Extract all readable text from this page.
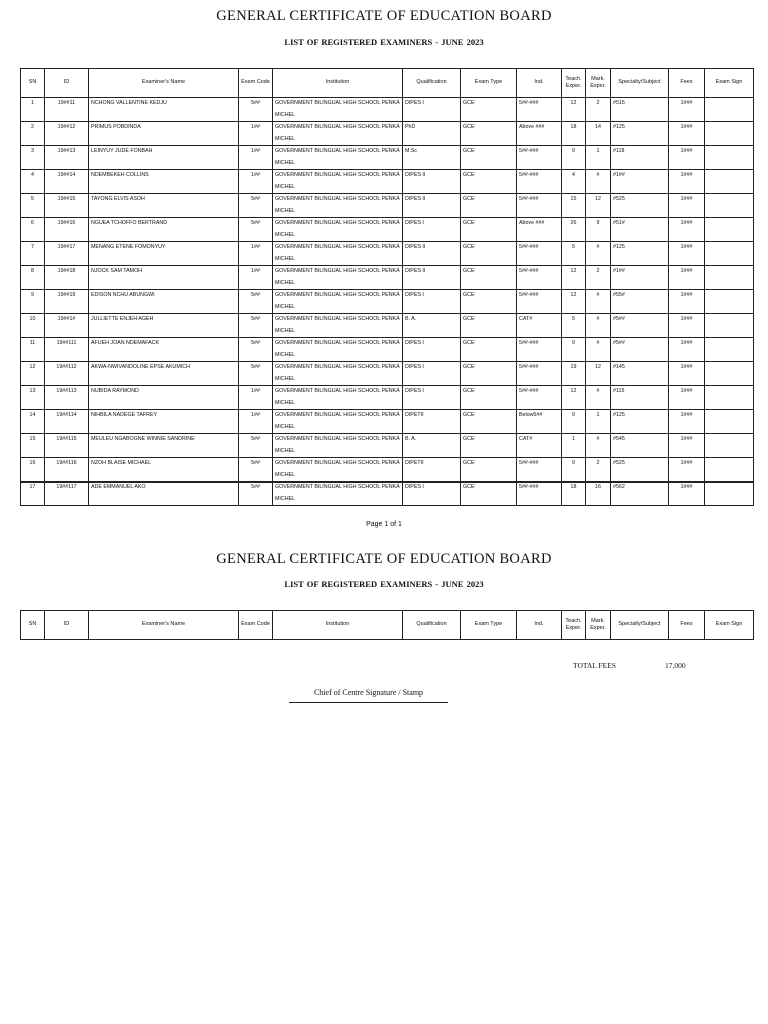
GENERAL CERTIFICATE OF EDUCATION BOARD
LIST OF REGISTERED EXAMINERS - JUNE 2023
SN	ID	Examiner's Name	Exam Code	Institution	Qualification	Exam Type	Ind.	Teach. Exper.	Mark. Exper.	Specialty/Subject	Fees	Exam Sign
1	19##11	NCHONG VALLENTINE KEDJU	5##	GOVERNMENT BILINGUAL HIGH SCHOOL PENKA MICHEL	DIPES I	GCE	5##-###	12	2	#515	1###	
2	19##12	PRIMUS POBDINDA	1##	GOVERNMENT BILINGUAL HIGH SCHOOL PENKA MICHEL	PhD	GCE	Above ###	18	14	#125	1###	
3	19##13	LEINYUY JUDE FONBAH	1##	GOVERNMENT BILINGUAL HIGH SCHOOL PENKA MICHEL	M.Sc	GCE	5##-###	9	1	#118	1###	
4	19##14	NDEMBEKEH COLLINS	1##	GOVERNMENT BILINGUAL HIGH SCHOOL PENKA MICHEL	DIPES II	GCE	5##-###	4	#	#1##	1###	
5	19##15	TAYONG ELVIS ASOH	5##	GOVERNMENT BILINGUAL HIGH SCHOOL PENKA MICHEL	DIPES II	GCE	5##-###	15	12	#525	1###	
6	19##16	NGUEA TCHOFFO BERTRAND	5##	GOVERNMENT BILINGUAL HIGH SCHOOL PENKA MICHEL	DIPES I	GCE	Above ###	26	9	#51#	1###	
7	19##17	MENANG ETENE FOMONYUY	1##	GOVERNMENT BILINGUAL HIGH SCHOOL PENKA MICHEL	DIPES II	GCE	5##-###	5	#	#125	1###	
8	19##18	NJOCK SAM TAMOH	1##	GOVERNMENT BILINGUAL HIGH SCHOOL PENKA MICHEL	DIPES II	GCE	5##-###	12	2	#1##	1###	
9	19##19	EDISON NCHU ABUNGWI	5##	GOVERNMENT BILINGUAL HIGH SCHOOL PENKA MICHEL	DIPES I	GCE	5##-###	12	#	#55#	1###	
10	19##1#	JULLIETTE ENJEH AGEH	5##	GOVERNMENT BILINGUAL HIGH SCHOOL PENKA MICHEL	B. A.	GCE	CAT#	5	#	#5##	1###	
11	19##111	AFUEH JOAN NDEMAFACK	5##	GOVERNMENT BILINGUAL HIGH SCHOOL PENKA MICHEL	DIPES I	GCE	5##-###	9	#	#5##	1###	
12	19##112	AKWA-NWIVANDOLINE EPSE AKUMICH	5##	GOVERNMENT BILINGUAL HIGH SCHOOL PENKA MICHEL	DIPES I	GCE	5##-###	19	12	#145	1###	
13	19##113	NUBIDA RAYMOND	1##	GOVERNMENT BILINGUAL HIGH SCHOOL PENKA MICHEL	DIPES I	GCE	5##-###	12	#	#115	1###	
14	19##114	NIHBILA NADEGE TAFREY	1##	GOVERNMENT BILINGUAL HIGH SCHOOL PENKA MICHEL	DIPETII	GCE	Below5##	9	1	#125	1###	
15	19##115	MEULEU NGABOGNE WINNIE SANDRINE	5##	GOVERNMENT BILINGUAL HIGH SCHOOL PENKA MICHEL	B. A.	GCE	CAT#	1	#	#545	1###	
16	19##116	NZOH BLAISE MICHAEL	5##	GOVERNMENT BILINGUAL HIGH SCHOOL PENKA MICHEL	DIPETII	GCE	5##-###	9	2	#525	1###	
17	19##117	ADE EMMANUEL AKO	5##	GOVERNMENT BILINGUAL HIGH SCHOOL PENKA MICHEL	DIPES I	GCE	5##-###	18	16	#562	1###	
Page 1 of 1
GENERAL CERTIFICATE OF EDUCATION BOARD
LIST OF REGISTERED EXAMINERS - JUNE 2023
SN	ID	Examiner's Name	Exam Code	Institution	Qualification	Exam Type	Ind.	Teach. Exper.	Mark. Exper.	Specialty/Subject	Fees	Exam Sign
TOTAL FEES	17,000
Chief of Centre Signature / Stamp
